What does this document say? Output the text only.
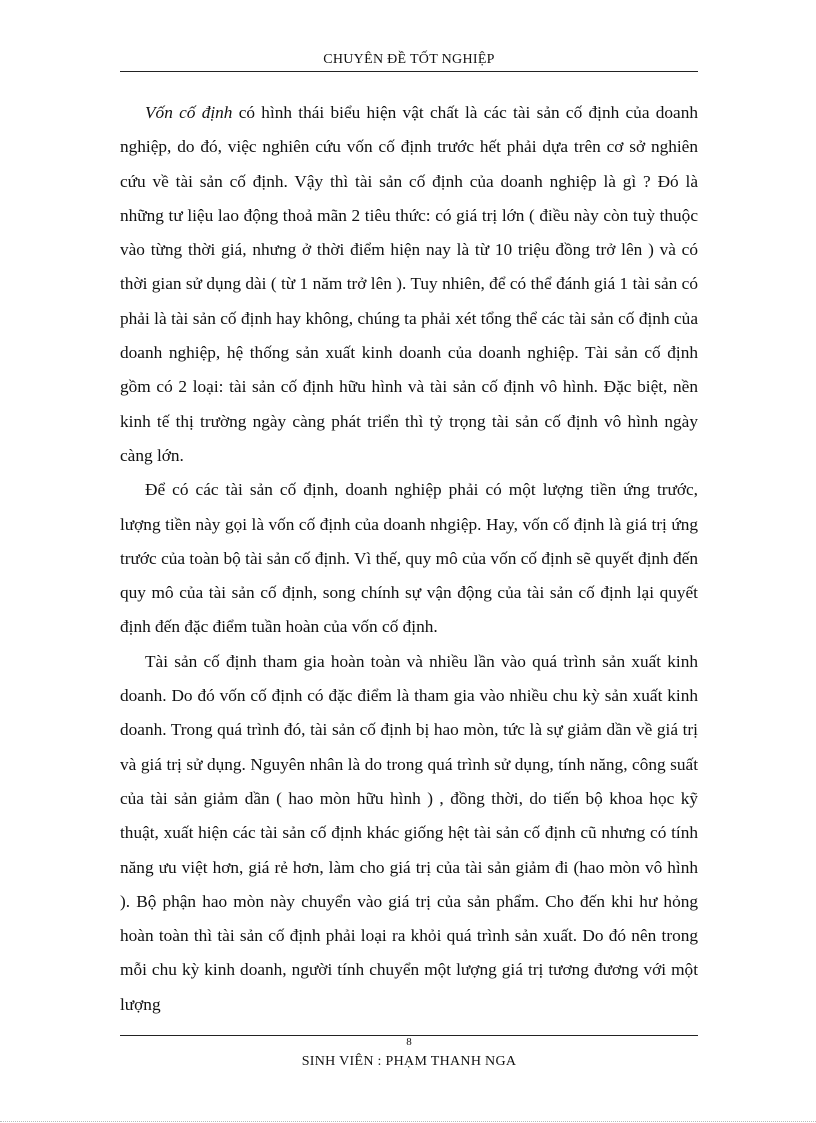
CHUYÊN ĐỀ TỐT NGHIỆP

Vốn cố định có hình thái biểu hiện vật chất là các tài sản cố định của doanh nghiệp, do đó, việc nghiên cứu vốn cố định trước hết phải dựa trên cơ sở nghiên cứu về tài sản cố định. Vậy thì tài sản cố định của doanh nghiệp là gì ? Đó là những tư liệu lao động thoả mãn 2 tiêu thức: có giá trị lớn ( điều này còn tuỳ thuộc vào từng thời giá, nhưng ở thời điểm hiện nay là từ 10 triệu đồng trở lên ) và có thời gian sử dụng dài ( từ 1 năm trở lên ). Tuy nhiên, để có thể đánh giá 1 tài sản có phải là tài sản cố định hay không, chúng ta phải xét tổng thể các tài sản cố định của doanh nghiệp, hệ thống sản xuất kinh doanh của doanh nghiệp. Tài sản cố định gồm có 2 loại: tài sản cố định hữu hình và tài sản cố định vô hình. Đặc biệt, nền kinh tế thị trường ngày càng phát triển thì tỷ trọng tài sản cố định vô hình ngày càng lớn.

Để có các tài sản cố định, doanh nghiệp phải có một lượng tiền ứng trước, lượng tiền này gọi là vốn cố định của doanh nhgiệp. Hay, vốn cố định là giá trị ứng trước của toàn bộ tài sản cố định. Vì thế, quy mô của vốn cố định sẽ quyết định đến quy mô của tài sản cố định, song chính sự vận động của tài sản cố định lại quyết định đến đặc điểm tuần hoàn của vốn cố định.

Tài sản cố định tham gia hoàn toàn và nhiều lần vào quá trình sản xuất kinh doanh. Do đó vốn cố định có đặc điểm là tham gia vào nhiều chu kỳ sản xuất kinh doanh. Trong quá trình đó, tài sản cố định bị hao mòn, tức là sự giảm dần về giá trị và giá trị sử dụng. Nguyên nhân là do trong quá trình sử dụng, tính năng, công suất của tài sản giảm dần ( hao mòn hữu hình ) , đồng thời, do tiến bộ khoa học kỹ thuật, xuất hiện các tài sản cố định khác giống hệt tài sản cố định cũ nhưng có tính năng ưu việt hơn, giá rẻ hơn, làm cho giá trị của tài sản giảm đi (hao mòn vô hình ). Bộ phận hao mòn này chuyển vào giá trị của sản phẩm. Cho đến khi hư hỏng hoàn toàn thì tài sản cố định phải loại ra khỏi quá trình sản xuất. Do đó nên trong mỗi chu kỳ kinh doanh, người tính chuyển một lượng giá trị tương đương với một lượng

8
SINH VIÊN : PHẠM THANH NGA
